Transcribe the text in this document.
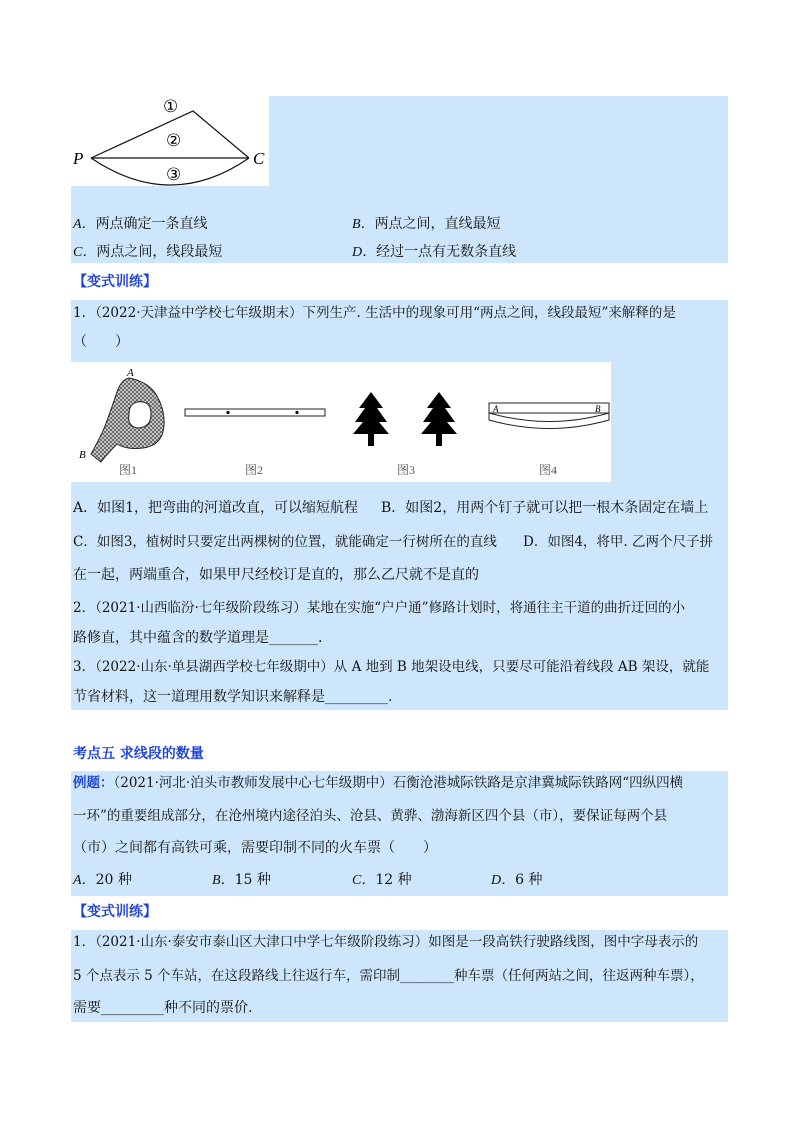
P	C
①
②
③
A．两点确定一条直线	B．两点之间，直线最短
C．两点之间，线段最短	D．经过一点有无数条直线
【变式训练】
1．（2022·天津益中学校七年级期末）下列生产. 生活中的现象可用“两点之间，线段最短”来解释的是
（　　）
A
B
图1	图2	图3
A	B
图4
A．如图1，把弯曲的河道改直，可以缩短航程 B．如图2，用两个钉子就可以把一根木条固定在墙上
C．如图3，植树时只要定出两棵树的位置，就能确定一行树所在的直线 D．如图4，将甲. 乙两个尺子拼
在一起，两端重合，如果甲尺经校订是直的，那么乙尺就不是直的
2．（2021·山西临汾·七年级阶段练习）某地在实施“户户通”修路计划时，将通往主干道的曲折迂回的小
路修直，其中蕴含的数学道理是_______.
3．（2022·山东·单县湖西学校七年级期中）从 A 地到 B 地架设电线，只要尽可能沿着线段 AB 架设，就能
节省材料，这一道理用数学知识来解释是_________.
考点五 求线段的数量
例题：（2021·河北·泊头市教师发展中心七年级期中）石衡沧港城际铁路是京津冀城际铁路网“四纵四横
一环”的重要组成部分，在沧州境内途径泊头、沧县、黄骅、渤海新区四个县（市），要保证每两个县
（市）之间都有高铁可乘，需要印制不同的火车票（　　）
A．20 种	B．15 种	C．12 种	D．6 种
【变式训练】
1．（2021·山东·泰安市泰山区大津口中学七年级阶段练习）如图是一段高铁行驶路线图，图中字母表示的
5 个点表示 5 个车站，在这段路线上往返行车，需印制________种车票（任何两站之间，往返两种车票），
需要_________种不同的票价.
